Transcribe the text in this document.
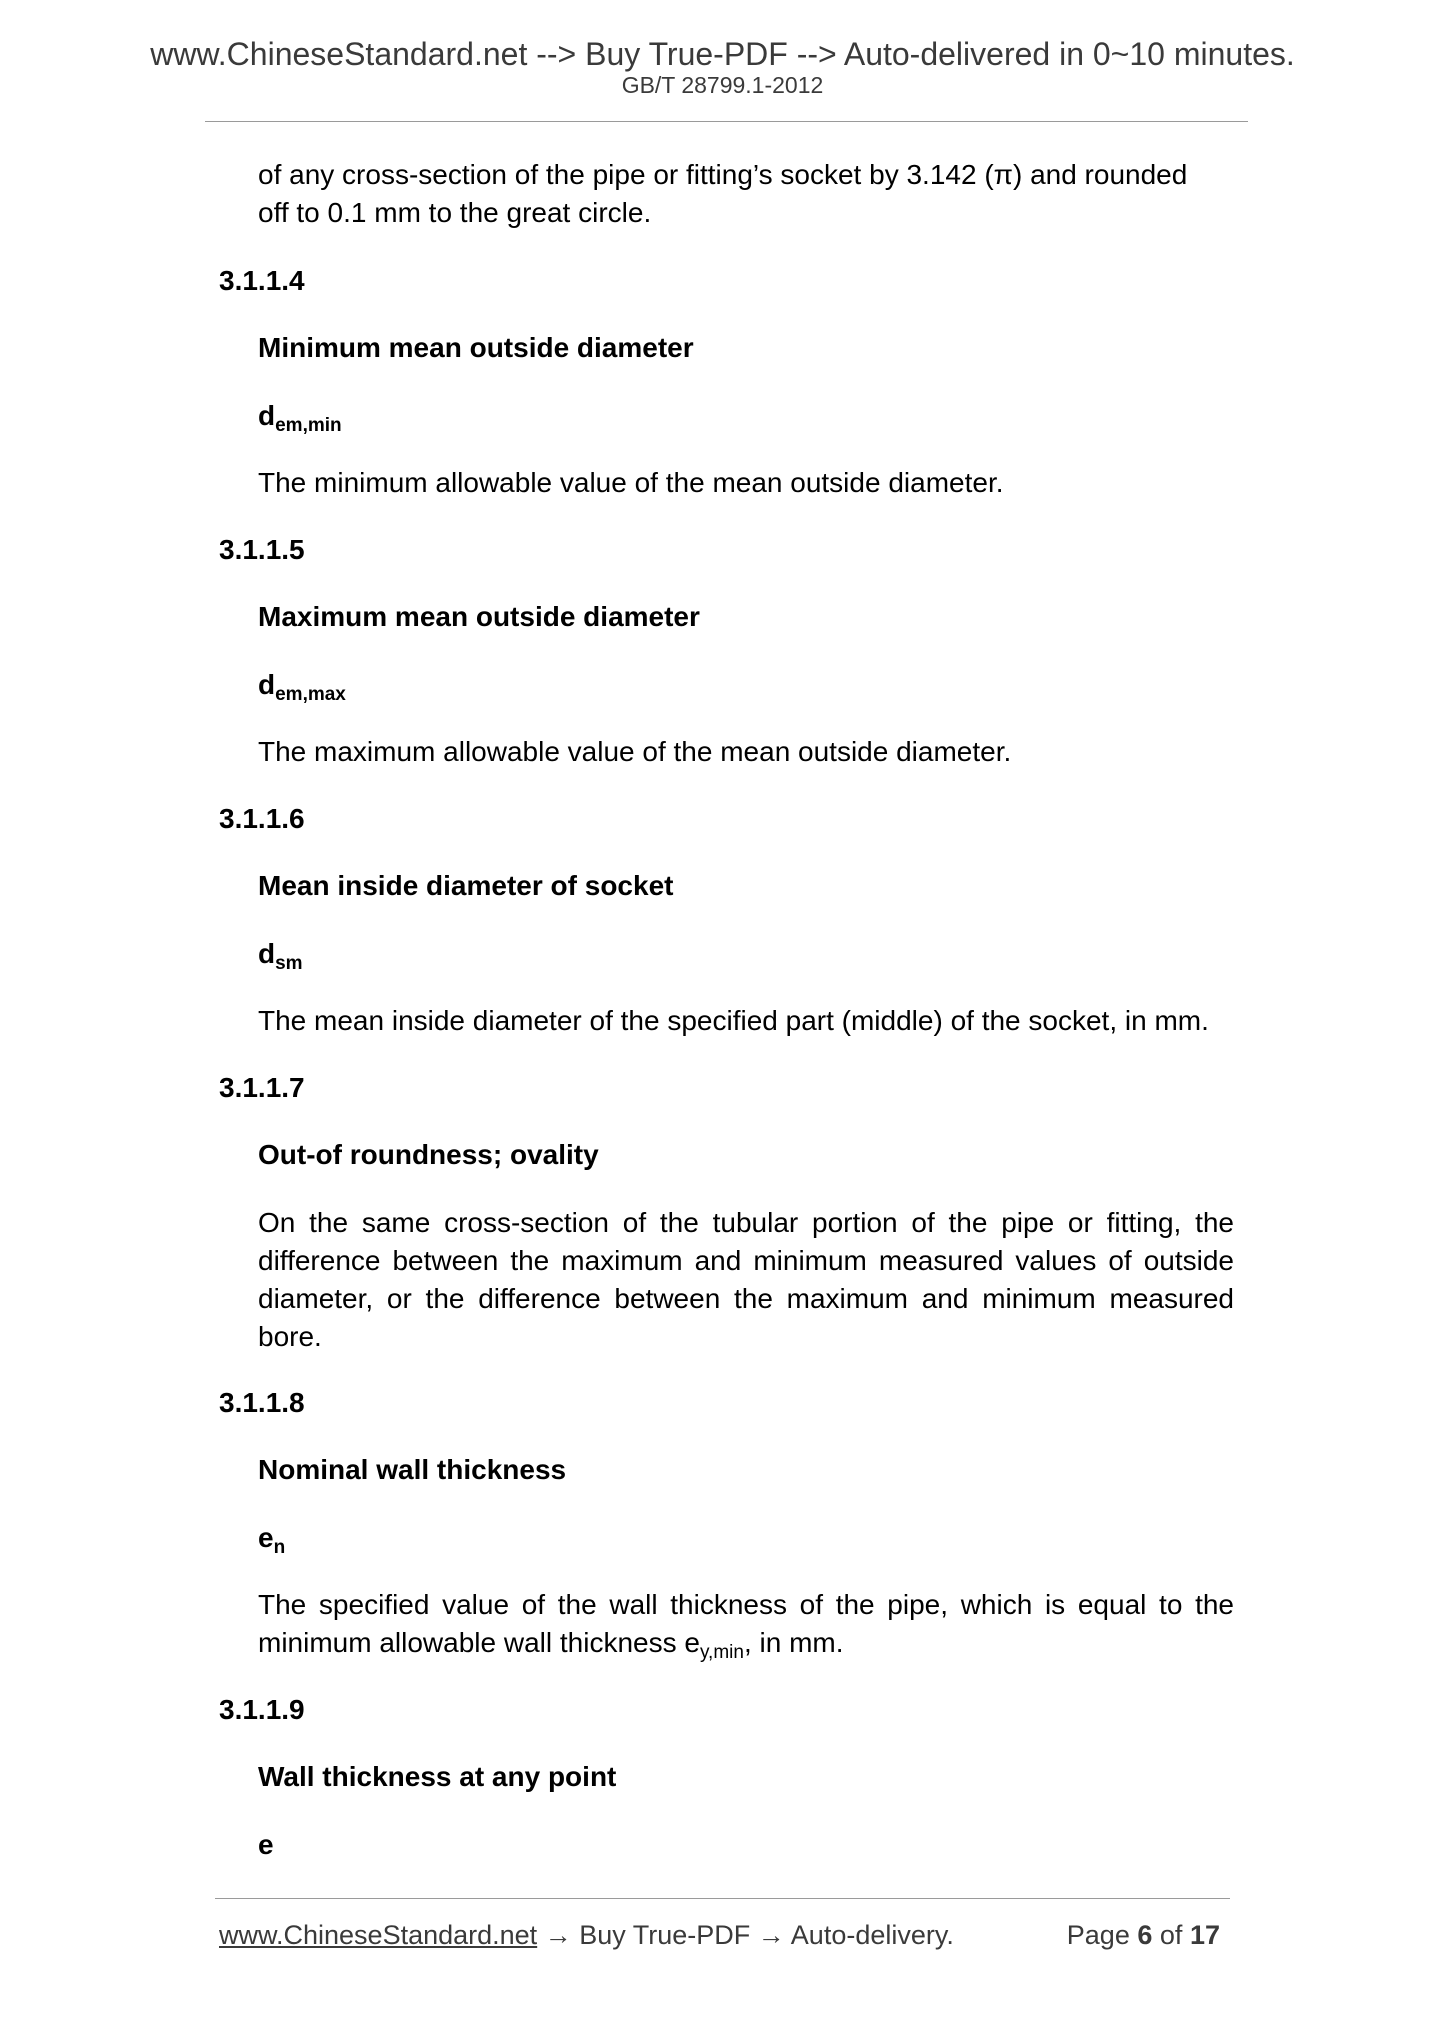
www.ChineseStandard.net --> Buy True-PDF --> Auto-delivered in 0~10 minutes.
GB/T 28799.1-2012
of any cross-section of the pipe or fitting’s socket by 3.142 (π) and rounded
off to 0.1 mm to the great circle.
3.1.1.4
Minimum mean outside diameter
$d_{em,min}$
The minimum allowable value of the mean outside diameter.
3.1.1.5
Maximum mean outside diameter
$d_{em,max}$
The maximum allowable value of the mean outside diameter.
3.1.1.6
Mean inside diameter of socket
$d_{sm}$
The mean inside diameter of the specified part (middle) of the socket, in mm.
3.1.1.7
Out-of roundness; ovality
On the same cross-section of the tubular portion of the pipe or fitting, the
difference between the maximum and minimum measured values of outside
diameter, or the difference between the maximum and minimum measured
bore.
3.1.1.8
Nominal wall thickness
$e_n$
The specified value of the wall thickness of the pipe, which is equal to the
minimum allowable wall thickness $e_{y,min}$, in mm.
3.1.1.9
Wall thickness at any point
e
www.ChineseStandard.net → Buy True-PDF → Auto-delivery.	Page 6 of 17
